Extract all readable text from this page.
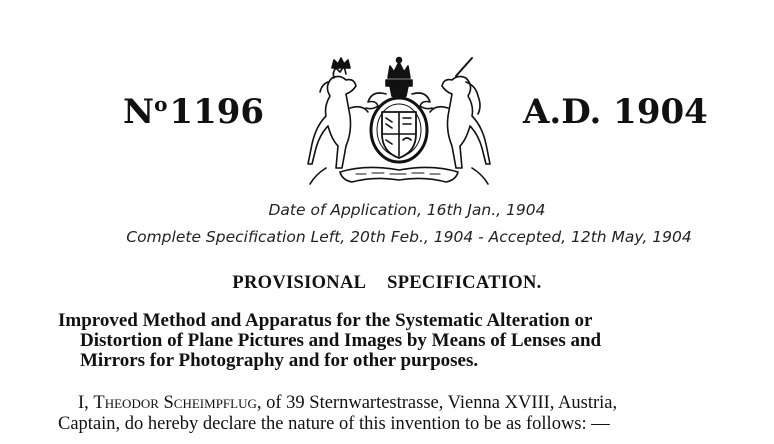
$N^o1196$	A.D. 1904
Date of Application, 16th Jan., 1904
Complete Specification Left, 20th Feb., 1904 - Accepted, 12th May, 1904
PROVISIONAL  SPECIFICATION.
Improved Method and Apparatus for the Systematic Alteration or
Distortion of Plane Pictures and Images by Means of Lenses and
Mirrors for Photography and for other purposes.
I, Theodor Scheimpflug, of 39 Sternwartestrasse, Vienna XVIII, Austria,
Captain, do hereby declare the nature of this invention to be as follows: —
